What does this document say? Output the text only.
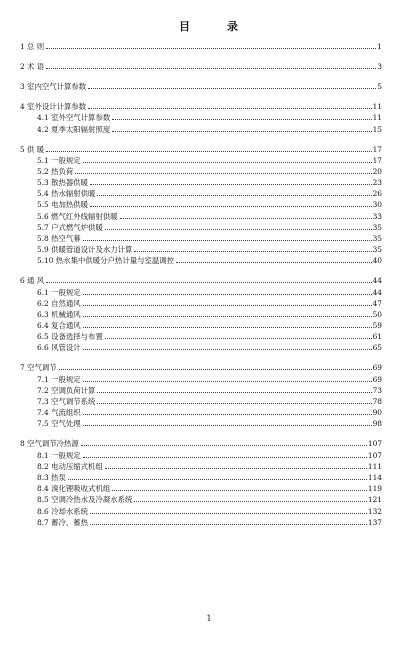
目	录
1 总 则	1
2 术 语	3
3 室内空气计算参数	5
4 室外设计计算参数	11
4.1 室外空气计算参数	11
4.2 夏季太阳辐射照度	15
5 供 暖	17
5.1 一般规定	17
5.2 热负荷	20
5.3 散热器供暖	23
5.4 热水辐射供暖	26
5.5 电加热供暖	30
5.6 燃气红外线辐射供暖	33
5.7 户式燃气炉供暖	35
5.8 热空气幕	35
5.9 供暖管道设计及水力计算	35
5.10 热水集中供暖分户热计量与室温调控	40
6 通 风	44
6.1 一般规定	44
6.2 自然通风	47
6.3 机械通风	50
6.4 复合通风	59
6.5 设备选择与布置	61
6.6 风管设计	65
7 空气调节	69
7.1 一般规定	69
7.2 空调负荷计算	73
7.3 空气调节系统	78
7.4 气流组织	90
7.5 空气处理	98
8 空气调节冷热源	107
8.1 一般规定	107
8.2 电动压缩式机组	111
8.3 热泵	114
8.4 溴化锂吸收式机组	119
8.5 空调冷热水及冷凝水系统	121
8.6 冷却水系统	132
8.7 蓄冷、蓄热	137
1
